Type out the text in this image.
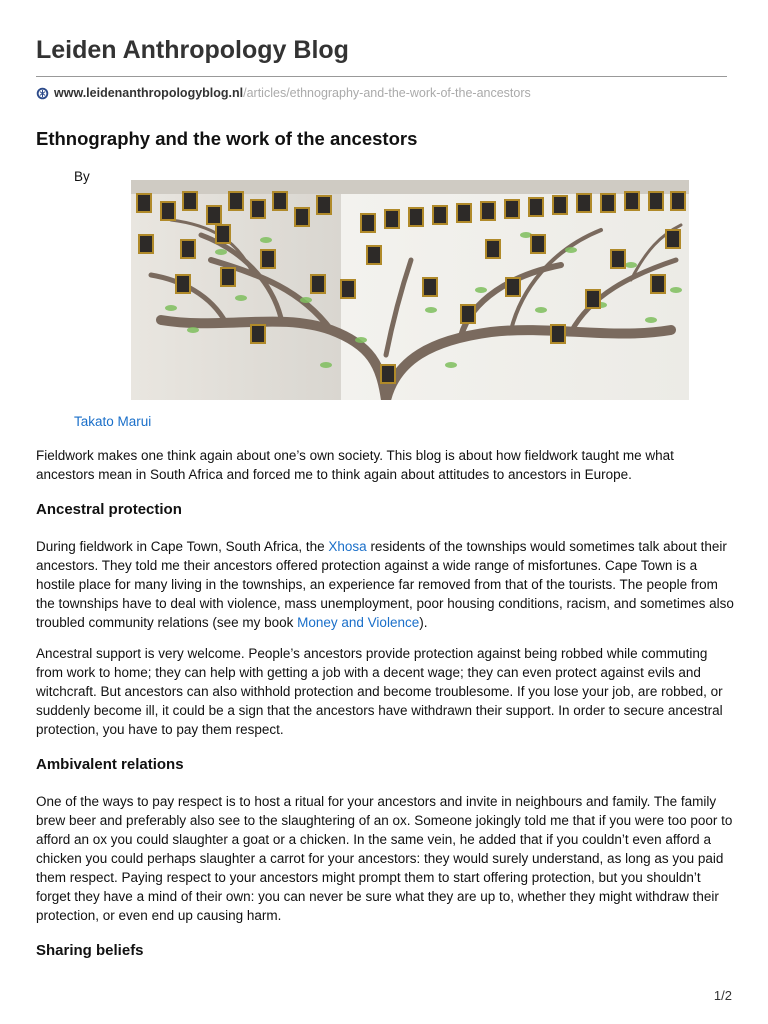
Leiden Anthropology Blog
www.leidenanthropologyblog.nl /articles/ethnography-and-the-work-of-the-ancestors
Ethnography and the work of the ancestors
By
Takato Marui

Fieldwork makes one think again about one’s own society. This blog is about how fieldwork taught me what ancestors mean in South Africa and forced me to think again about attitudes to ancestors in Europe.

Ancestral protection

During fieldwork in Cape Town, South Africa, the Xhosa residents of the townships would sometimes talk about their ancestors. They told me their ancestors offered protection against a wide range of misfortunes. Cape Town is a hostile place for many living in the townships, an experience far removed from that of the tourists. The people from the townships have to deal with violence, mass unemployment, poor housing conditions, racism, and sometimes also troubled community relations (see my book Money and Violence).

Ancestral support is very welcome. People’s ancestors provide protection against being robbed while commuting from work to home; they can help with getting a job with a decent wage; they can even protect against evils and witchcraft. But ancestors can also withhold protection and become troublesome. If you lose your job, are robbed, or suddenly become ill, it could be a sign that the ancestors have withdrawn their support. In order to secure ancestral protection, you have to pay them respect.

Ambivalent relations

One of the ways to pay respect is to host a ritual for your ancestors and invite in neighbours and family. The family brew beer and preferably also see to the slaughtering of an ox. Someone jokingly told me that if you were too poor to afford an ox you could slaughter a goat or a chicken. In the same vein, he added that if you couldn’t even afford a chicken you could perhaps slaughter a carrot for your ancestors: they would surely understand, as long as you paid them respect. Paying respect to your ancestors might prompt them to start offering protection, but you shouldn’t forget they have a mind of their own: you can never be sure what they are up to, whether they might withdraw their protection, or even end up causing harm.

Sharing beliefs
1/2
